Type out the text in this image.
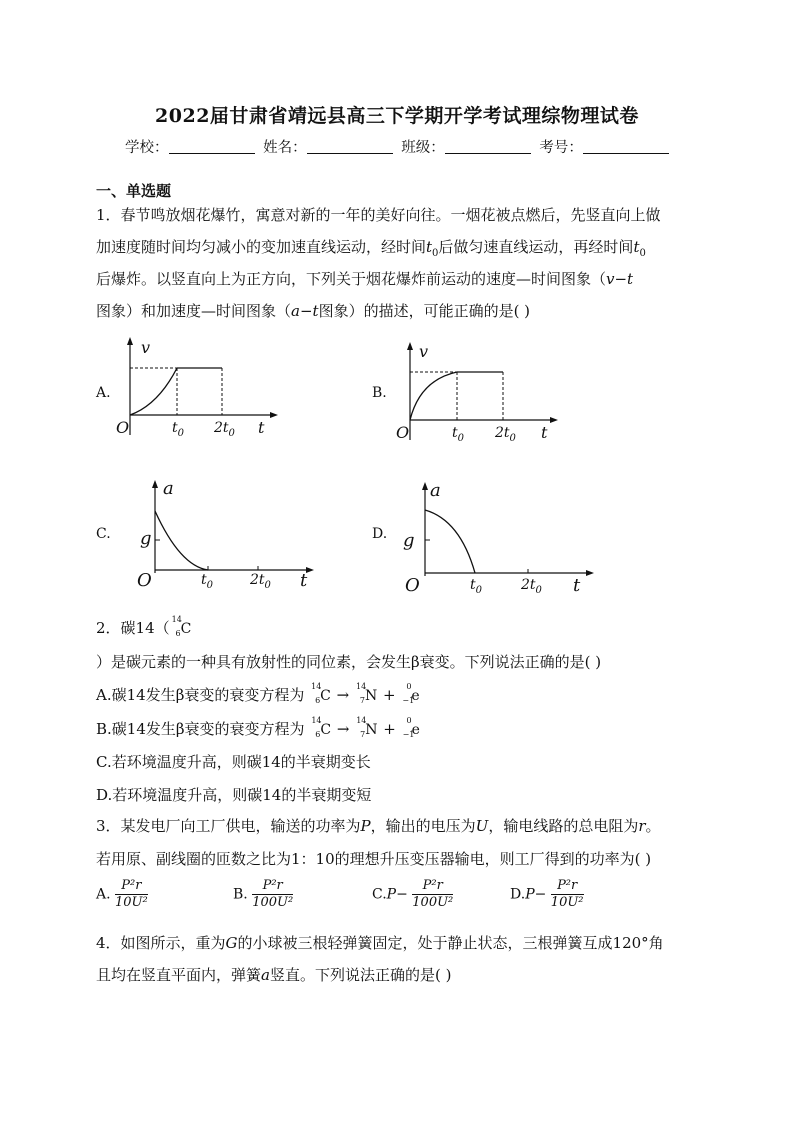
2022届甘肃省靖远县高三下学期开学考试理综物理试卷
学校：	姓名：	班级：	考号：
一、单选题
1．春节鸣放烟花爆竹，寓意对新的一年的美好向往。一烟花被点燃后，先竖直向上做
加速度随时间均匀减小的变加速直线运动，经时间$t_0$后做匀速直线运动，再经时间$t_0$
后爆炸。以竖直向上为正方向，下列关于烟花爆炸前运动的速度—时间图象（v−t
图象）和加速度—时间图象（a−t图象）的描述，可能正确的是( )
A.
v
O	$t_0$ $2t_0$ t
B.
v
O	$t_0$ $2t_0$ t
C.
a
g
O	$t_0$	$2t_0$ t
D.
a
g
O	$t_0$	$2t_0$ t
2．碳14（ 14
6 C
）是碳元素的一种具有放射性的同位素，会发生β衰变。下列说法正确的是( )
A.碳14发生β衰变的衰变方程为 14
6 C → 14
7 N +	0
−1
e
B.碳14发生β衰变的衰变方程为 14
6 C → 14
7 N +	0
−1
e
C.若环境温度升高，则碳14的半衰期变长
D.若环境温度升高，则碳14的半衰期变短
3．某发电厂向工厂供电，输送的功率为P，输出的电压为U，输电线路的总电阻为r。
若用原、副线圈的匝数之比为1：10的理想升压变压器输电，则工厂得到的功率为( )
A. $\frac{\text{P²r}}{\text{10U²}}$	B. $\frac{\text{P²r}}{\text{100U²}}$	$C.P- \frac{\text{P²r}}{\text{100U²}}$	$D.P- \frac{\text{P²r}}{\text{10U²}}$
4．如图所示，重为G的小球被三根轻弹簧固定，处于静止状态，三根弹簧互成120°角
且均在竖直平面内，弹簧a竖直。下列说法正确的是( )
